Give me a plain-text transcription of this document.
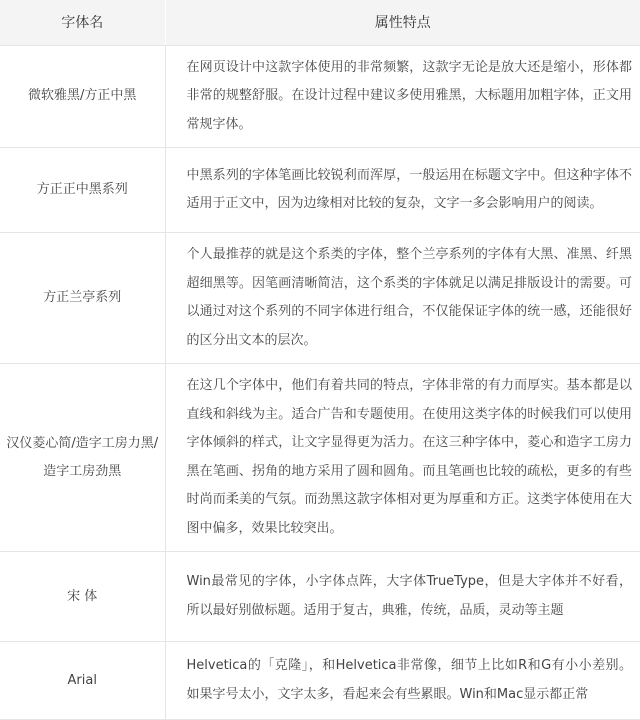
字体名	属性特点
微软雅黑/方正中黑	在网页设计中这款字体使用的非常频繁，这款字无论是放大还是缩小，形体都非常的规整舒服。在设计过程中建议多使用雅黑，大标题用加粗字体，正文用常规字体。
方正正中黑系列	中黑系列的字体笔画比较锐利而浑厚，一般运用在标题文字中。但这种字体不适用于正文中，因为边缘相对比较的复杂，文字一多会影响用户的阅读。
方正兰亭系列	个人最推荐的就是这个系类的字体，整个兰亭系列的字体有大黑、准黑、纤黑超细黑等。因笔画清晰简洁，这个系类的字体就足以满足排版设计的需要。可以通过对这个系列的不同字体进行组合，不仅能保证字体的统一感，还能很好的区分出文本的层次。
汉仪菱心简/造字工房力黑/造字工房劲黑	在这几个字体中，他们有着共同的特点，字体非常的有力而厚实。基本都是以直线和斜线为主。适合广告和专题使用。在使用这类字体的时候我们可以使用字体倾斜的样式，让文字显得更为活力。在这三种字体中，菱心和造字工房力黑在笔画、拐角的地方采用了圆和圆角。而且笔画也比较的疏松，更多的有些时尚而柔美的气氛。而劲黑这款字体相对更为厚重和方正。这类字体使用在大图中偏多，效果比较突出。
宋 体	Win最常见的字体，小字体点阵，大字体TrueType，但是大字体并不好看，所以最好别做标题。适用于复古，典雅，传统，品质，灵动等主题
Arial	Helvetica的「克隆」，和Helvetica非常像，细节上比如R和G有小小差别。如果字号太小，文字太多，看起来会有些累眼。Win和Mac显示都正常
